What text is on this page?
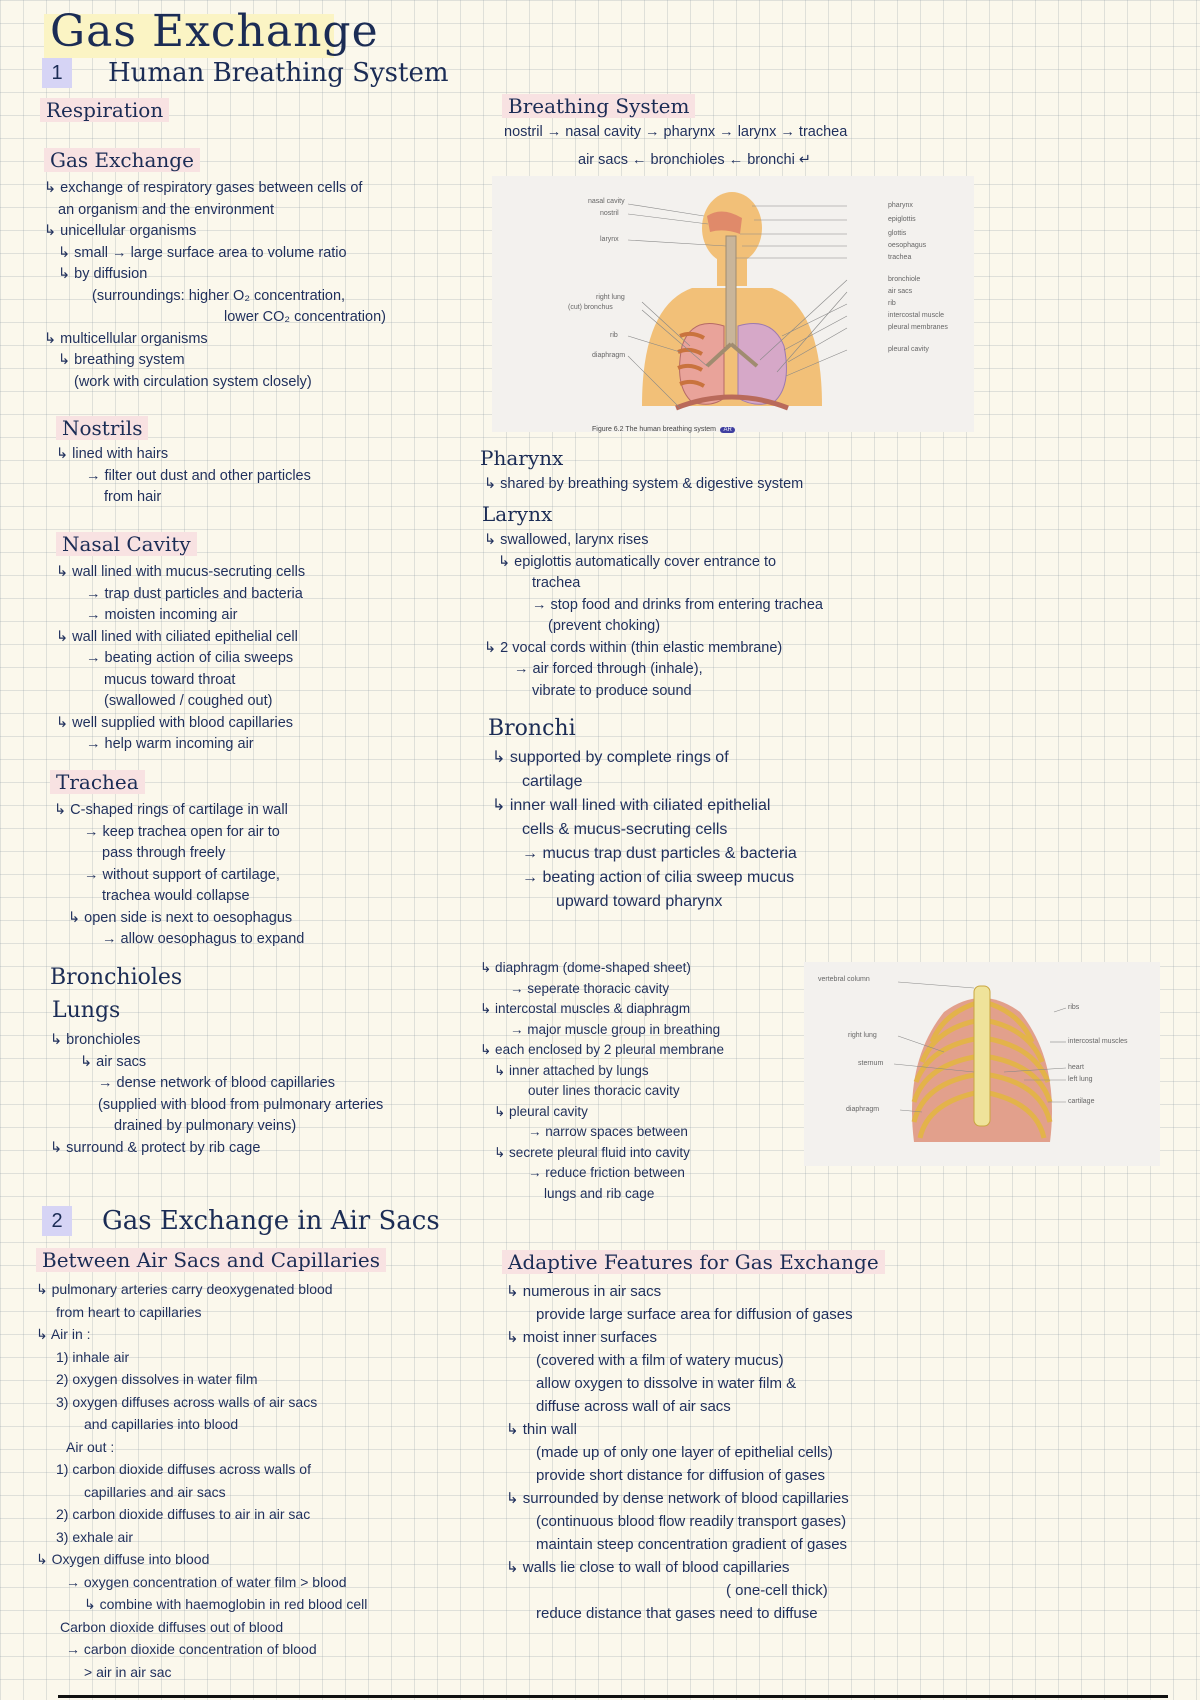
Gas Exchange
1	Human Breathing System
Respiration
Gas Exchange
↳ exchange of respiratory gases between cells of
an organism and the environment
↳ unicellular organisms
↳ small → large surface area to volume ratio
↳ by diffusion
(surroundings: higher O₂ concentration,
lower CO₂ concentration)
↳ multicellular organisms
↳ breathing system
(work with circulation system closely)
Nostrils
↳ lined with hairs
→ filter out dust and other particles
from hair
Nasal Cavity
↳ wall lined with mucus-secruting cells
→ trap dust particles and bacteria
→ moisten incoming air
↳ wall lined with ciliated epithelial cell
→ beating action of cilia sweeps
mucus toward throat
(swallowed / coughed out)
↳ well supplied with blood capillaries
→ help warm incoming air
Trachea
↳ C-shaped rings of cartilage in wall
→ keep trachea open for air to
pass through freely
→ without support of cartilage,
trachea would collapse
↳ open side is next to oesophagus
→ allow oesophagus to expand
Bronchioles
Lungs
↳ bronchioles
↳ air sacs
→ dense network of blood capillaries
(supplied with blood from pulmonary arteries
drained by pulmonary veins)
↳ surround & protect by rib cage
Breathing System
nostril → nasal cavity → pharynx → larynx → trachea
air sacs ← bronchioles ← bronchi ↵
nasal cavity
nostril
larynx
right lung
(cut) bronchus
rib
diaphragm
pharynx
epiglottis
glottis
oesophagus
trachea
bronchiole
air sacs
rib
intercostal muscle
pleural membranes
pleural cavity
Figure 6.2 The human breathing system AR
Pharynx
↳ shared by breathing system & digestive system
Larynx
↳ swallowed, larynx rises
↳ epiglottis automatically cover entrance to
trachea
→ stop food and drinks from entering trachea
(prevent choking)
↳ 2 vocal cords within (thin elastic membrane)
→ air forced through (inhale),
vibrate to produce sound
Bronchi
↳ supported by complete rings of
cartilage
↳ inner wall lined with ciliated epithelial
cells & mucus-secruting cells
→ mucus trap dust particles & bacteria
→ beating action of cilia sweep mucus
upward toward pharynx
↳ diaphragm (dome-shaped sheet)
→ seperate thoracic cavity
↳ intercostal muscles & diaphragm
→ major muscle group in breathing
↳ each enclosed by 2 pleural membrane
↳ inner attached by lungs
outer lines thoracic cavity
↳ pleural cavity
→ narrow spaces between
↳ secrete pleural fluid into cavity
→ reduce friction between
lungs and rib cage
vertebral column
right lung
sternum
diaphragm
ribs
intercostal muscles
heart
left lung
cartilage
2	Gas Exchange in Air Sacs
Between Air Sacs and Capillaries
↳ pulmonary arteries carry deoxygenated blood
from heart to capillaries
↳ Air in :
1) inhale air
2) oxygen dissolves in water film
3) oxygen diffuses across walls of air sacs
and capillaries into blood
Air out :
1) carbon dioxide diffuses across walls of
capillaries and air sacs
2) carbon dioxide diffuses to air in air sac
3) exhale air
↳ Oxygen diffuse into blood
→ oxygen concentration of water film > blood
↳ combine with haemoglobin in red blood cell
Carbon dioxide diffuses out of blood
→ carbon dioxide concentration of blood
> air in air sac
Adaptive Features for Gas Exchange
↳ numerous in air sacs
provide large surface area for diffusion of gases
↳ moist inner surfaces
(covered with a film of watery mucus)
allow oxygen to dissolve in water film &
diffuse across wall of air sacs
↳ thin wall
(made up of only one layer of epithelial cells)
provide short distance for diffusion of gases
↳ surrounded by dense network of blood capillaries
(continuous blood flow readily transport gases)
maintain steep concentration gradient of gases
↳ walls lie close to wall of blood capillaries
( one-cell thick)
reduce distance that gases need to diffuse
